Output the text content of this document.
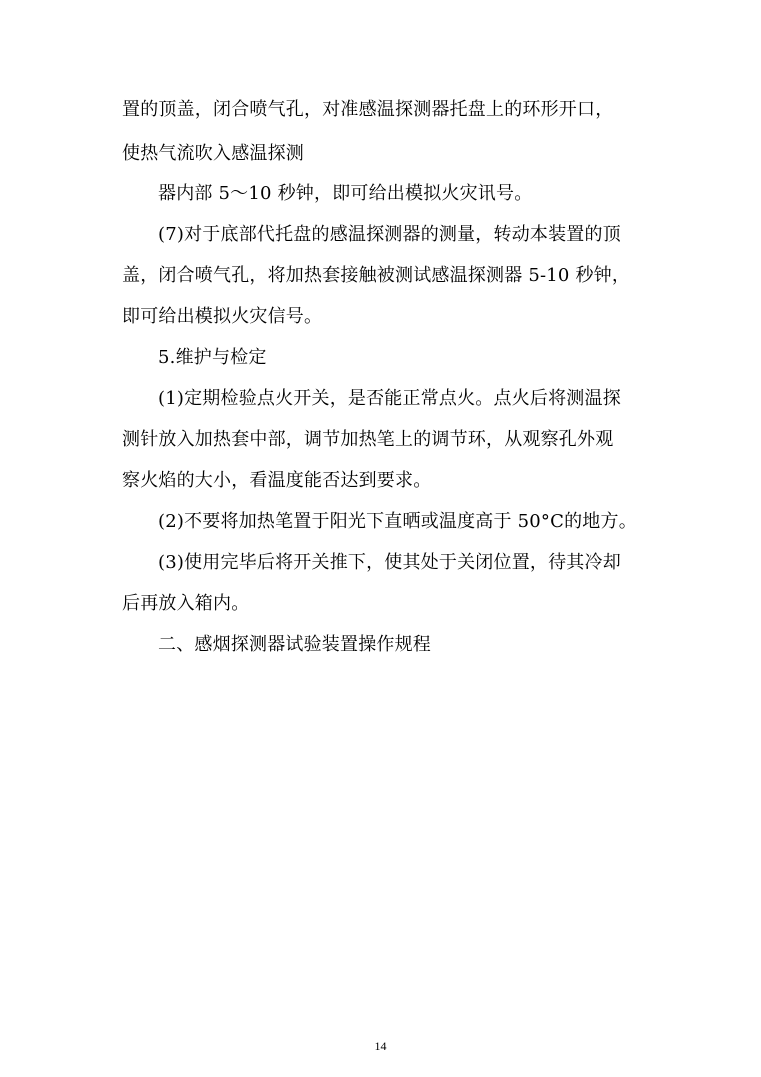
置的顶盖，闭合喷气孔，对准感温探测器托盘上的环形开口，
使热气流吹入感温探测
器内部 5～10 秒钟，即可给出模拟火灾讯号。
(7)对于底部代托盘的感温探测器的测量，转动本装置的顶
盖，闭合喷气孔，将加热套接触被测试感温探测器 5-10 秒钟，
即可给出模拟火灾信号。
5.维护与检定
(1)定期检验点火开关，是否能正常点火。点火后将测温探
测针放入加热套中部，调节加热笔上的调节环，从观察孔外观
察火焰的大小，看温度能否达到要求。
(2)不要将加热笔置于阳光下直晒或温度高于 50°C的地方。
(3)使用完毕后将开关推下，使其处于关闭位置，待其冷却
后再放入箱内。
二、感烟探测器试验装置操作规程
14
